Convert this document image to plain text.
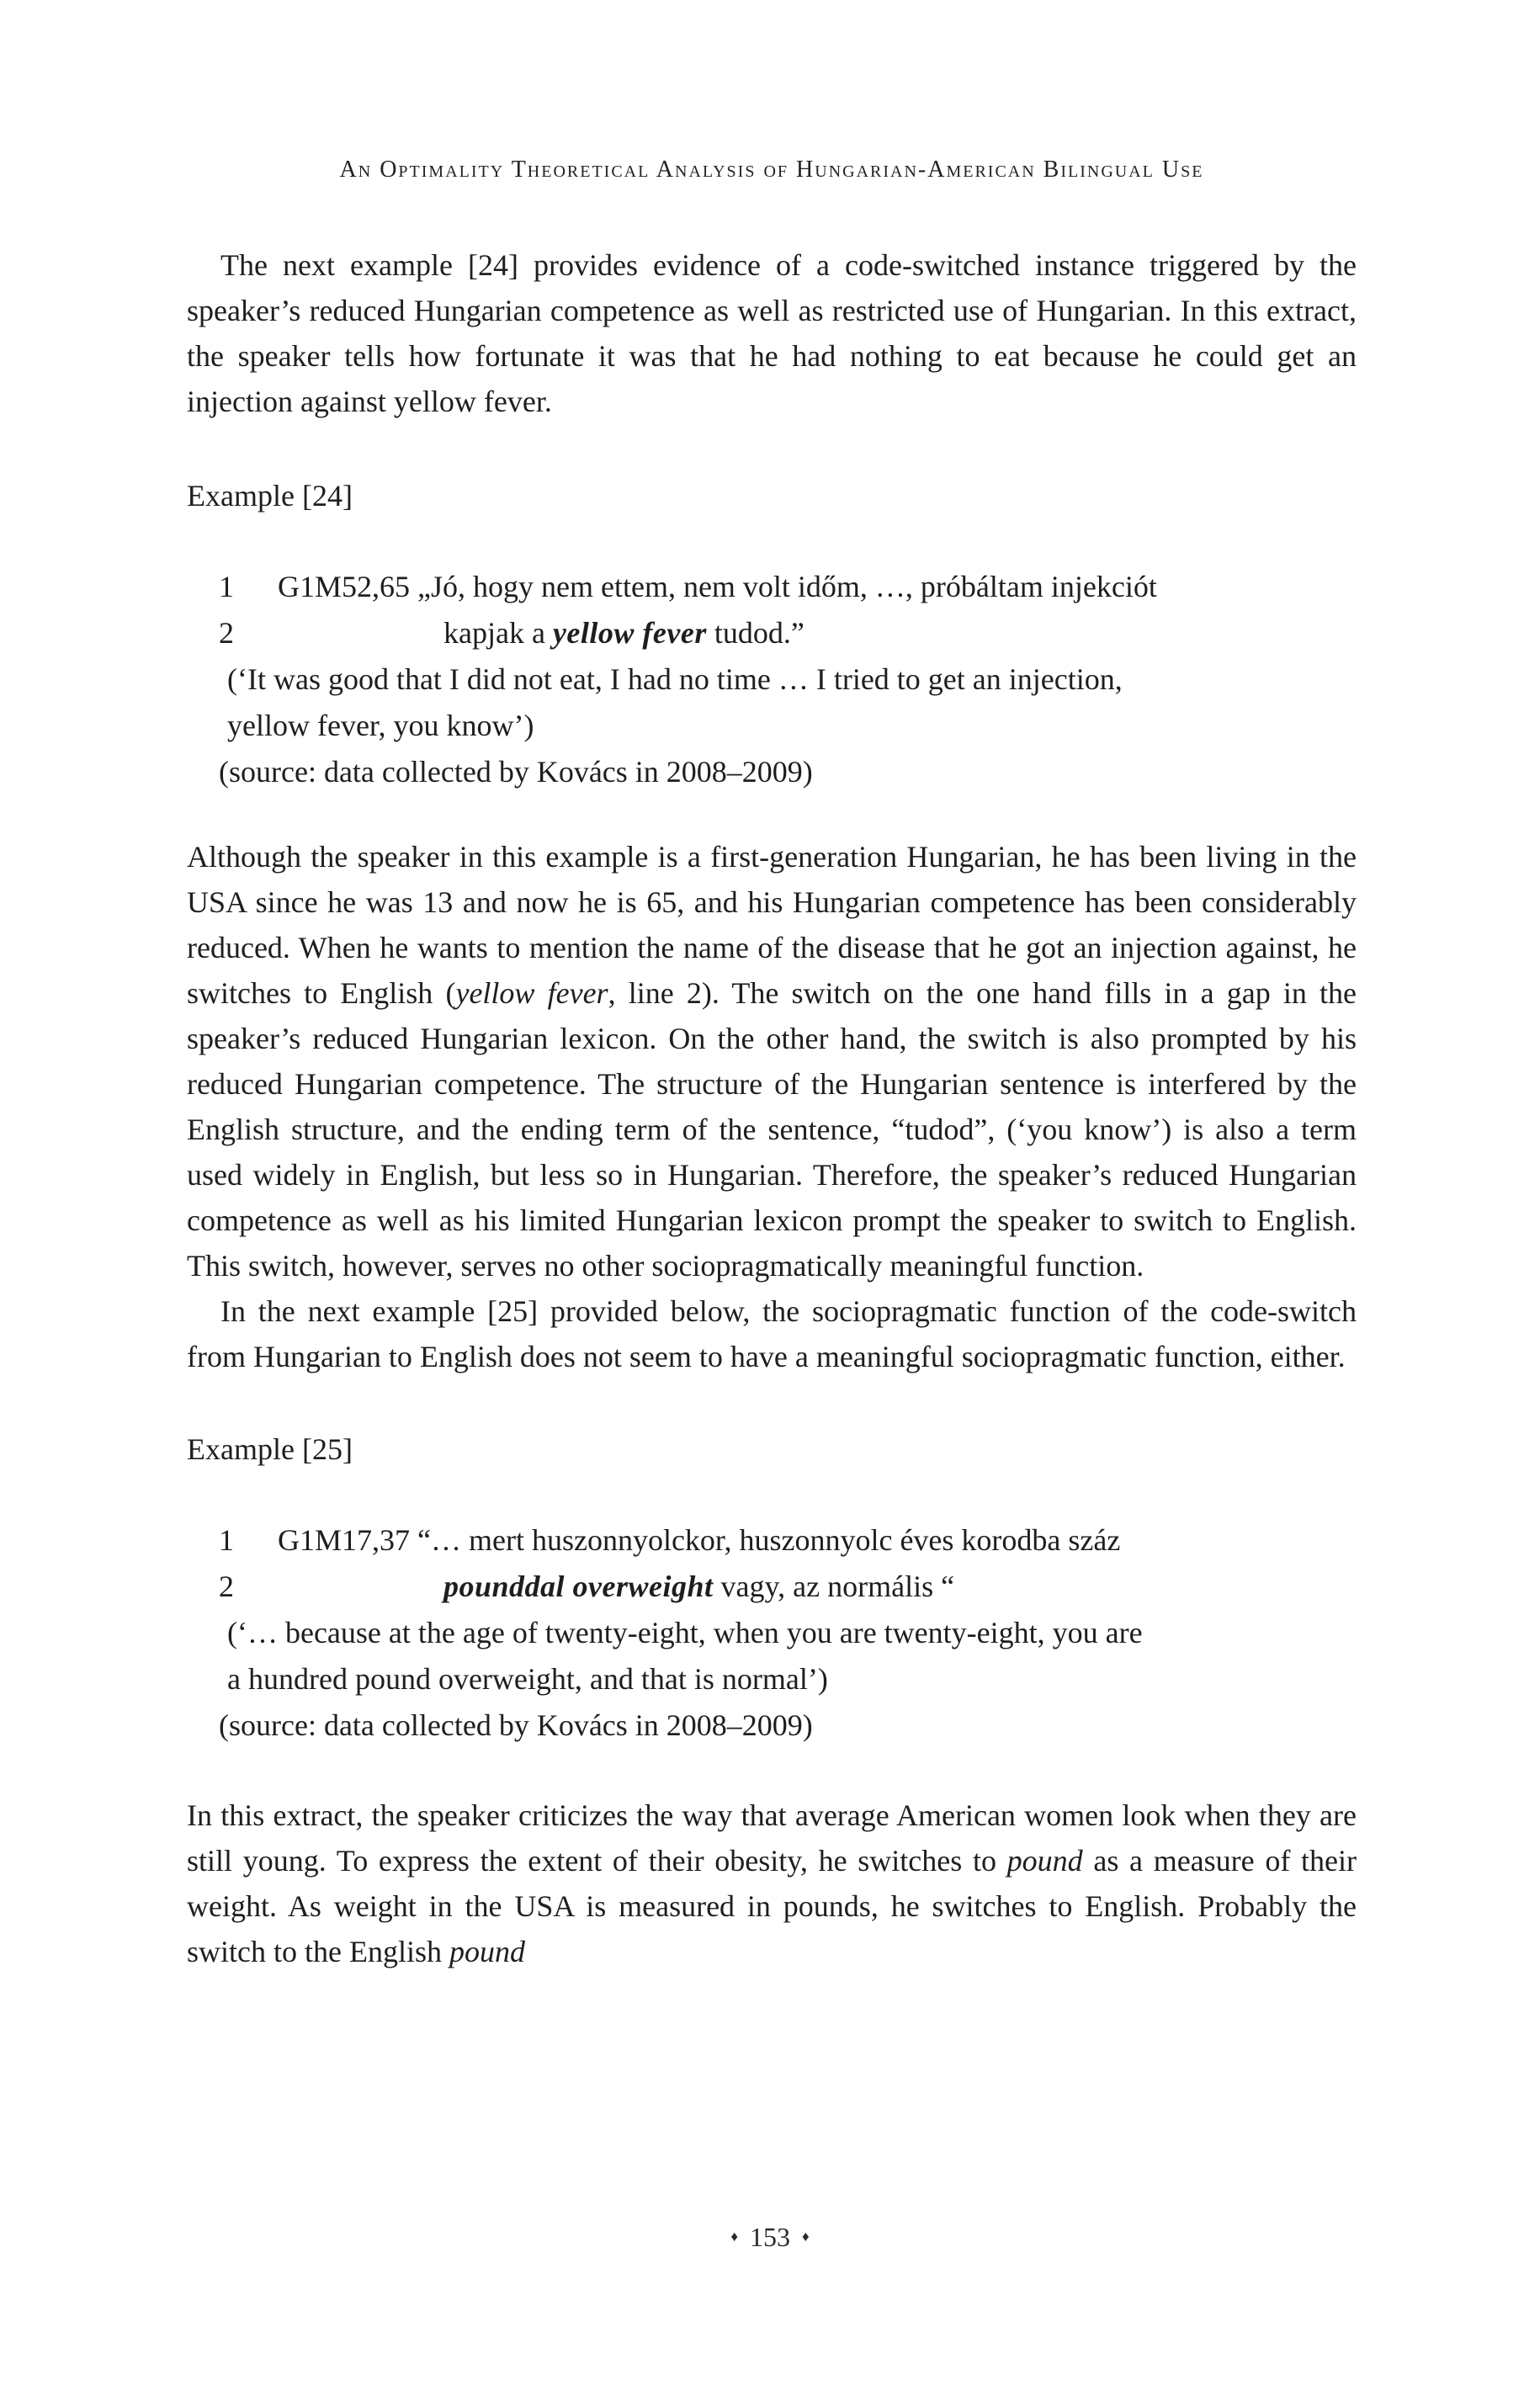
An Optimality Theoretical Analysis of Hungarian-American Bilingual Use

The next example [24] provides evidence of a code-switched instance triggered by the speaker’s reduced Hungarian competence as well as restricted use of Hungarian. In this extract, the speaker tells how fortunate it was that he had nothing to eat because he could get an injection against yellow fever.

Example [24]
1	G1M52,65 „Jó, hogy nem ettem, nem volt időm, …, próbáltam injekciót
2	kapjak a yellow fever tudod.”
(‘It was good that I did not eat, I had no time … I tried to get an injection,
yellow fever, you know’)
(source: data collected by Kovács in 2008–2009)

Although the speaker in this example is a first-generation Hungarian, he has been living in the USA since he was 13 and now he is 65, and his Hungarian competence has been considerably reduced. When he wants to mention the name of the disease that he got an injection against, he switches to English (yellow fever, line 2). The switch on the one hand fills in a gap in the speaker’s reduced Hungarian lexicon. On the other hand, the switch is also prompted by his reduced Hungarian competence. The structure of the Hungarian sentence is interfered by the English structure, and the ending term of the sentence, “tudod”, (‘you know’) is also a term used widely in English, but less so in Hungarian. Therefore, the speaker’s reduced Hungarian competence as well as his limited Hungarian lexicon prompt the speaker to switch to English. This switch, however, serves no other sociopragmatically meaningful function.

In the next example [25] provided below, the sociopragmatic function of the code-switch from Hungarian to English does not seem to have a meaningful sociopragmatic function, either.

Example [25]
1	G1M17,37 “… mert huszonnyolckor, huszonnyolc éves korodba száz
2	pounddal overweight vagy, az normális “
(‘… because at the age of twenty-eight, when you are twenty-eight, you are
a hundred pound overweight, and that is normal’)
(source: data collected by Kovács in 2008–2009)

In this extract, the speaker criticizes the way that average American women look when they are still young. To express the extent of their obesity, he switches to pound as a measure of their weight. As weight in the USA is measured in pounds, he switches to English. Probably the switch to the English pound

♦ 153 ♦
